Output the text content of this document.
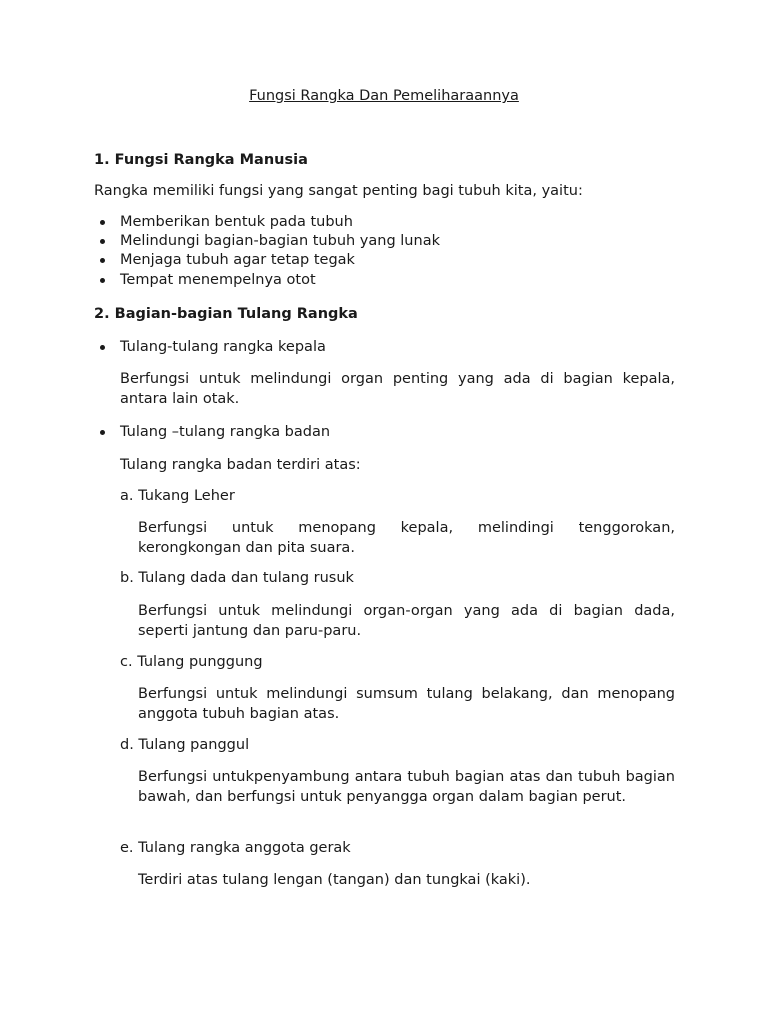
Fungsi Rangka Dan Pemeliharaannya
1. Fungsi Rangka Manusia
Rangka memiliki fungsi yang sangat penting bagi tubuh kita, yaitu:
Memberikan bentuk pada tubuh
Melindungi bagian-bagian tubuh yang lunak
Menjaga tubuh agar tetap tegak
Tempat menempelnya otot
2. Bagian-bagian Tulang Rangka
Tulang-tulang rangka kepala
Berfungsi untuk melindungi organ penting yang ada di bagian kepala, antara lain otak.
Tulang –tulang rangka badan
Tulang rangka badan terdiri atas:
a. Tukang Leher
Berfungsi untuk menopang kepala, melindingi tenggorokan, kerongkongan dan pita suara.
b. Tulang dada dan tulang rusuk
Berfungsi untuk melindungi organ-organ yang ada di bagian dada, seperti jantung dan paru-paru.
c. Tulang punggung
Berfungsi untuk melindungi sumsum tulang belakang, dan menopang anggota tubuh bagian atas.
d. Tulang panggul
Berfungsi untukpenyambung antara tubuh bagian atas dan tubuh bagian bawah, dan berfungsi untuk penyangga organ dalam bagian perut.
e. Tulang rangka anggota gerak
Terdiri atas tulang lengan (tangan) dan tungkai (kaki).
